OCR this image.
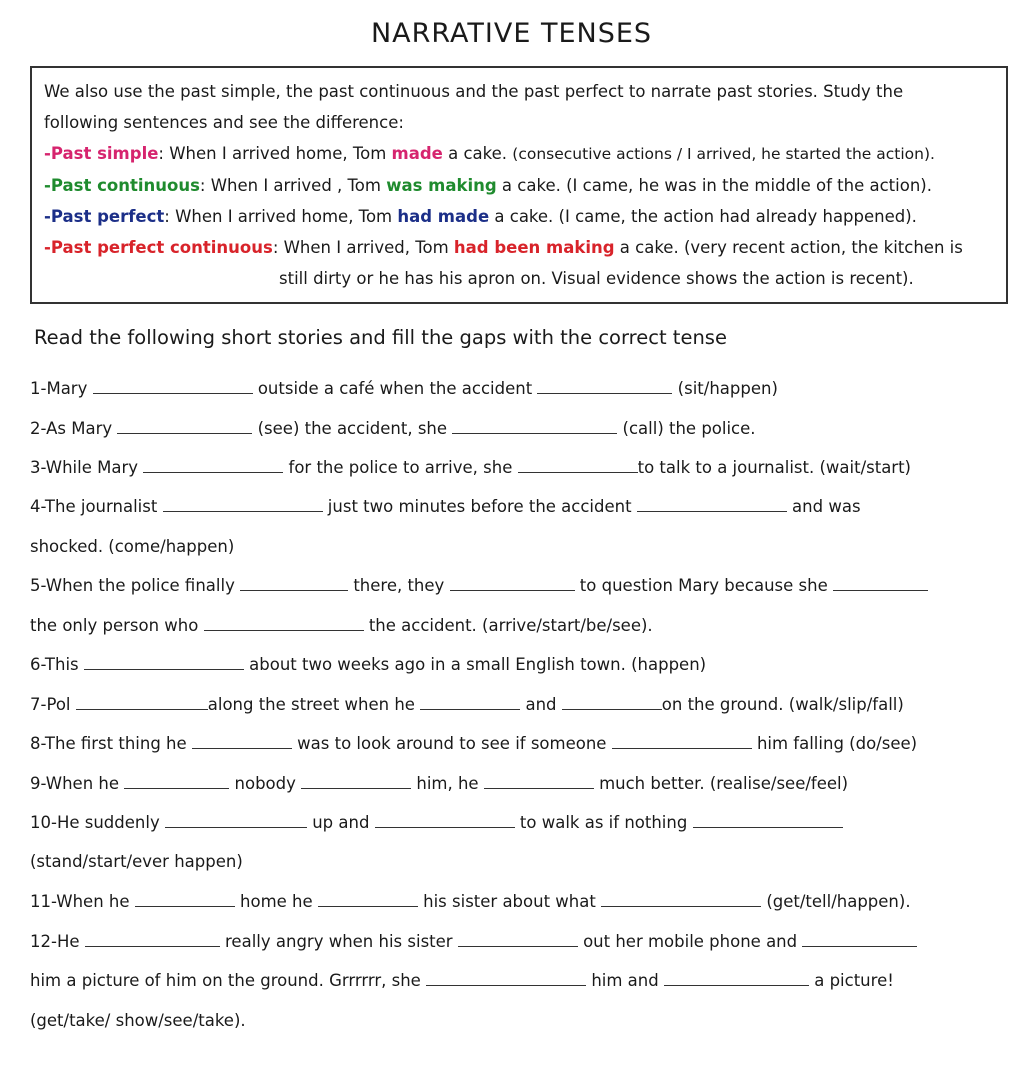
NARRATIVE TENSES

We also use the past simple, the past continuous and the past perfect to narrate past stories. Study the

following sentences and see the difference:

-Past simple: When I arrived home, Tom made a cake. (consecutive actions / I arrived, he started the action).

-Past continuous: When I arrived , Tom was making a cake. (I came, he was in the middle of the action).

-Past perfect: When I arrived home, Tom had made a cake. (I came, the action had already happened).

-Past perfect continuous: When I arrived, Tom had been making a cake. (very recent action, the kitchen is

still dirty or he has his apron on. Visual evidence shows the action is recent).

Read the following short stories and fill the gaps with the correct tense

1-Mary	outside a café when the accident	(sit/happen)

2-As Mary	(see) the accident, she	(call) the police.

3-While Mary	for the police to arrive, she	to talk to a journalist. (wait/start)

4-The journalist	just two minutes before the accident	and was

shocked. (come/happen)

5-When the police finally	there, they	to question Mary because she

the only person who	the accident. (arrive/start/be/see).

6-This	about two weeks ago in a small English town. (happen)

7-Pol	along the street when he	and	on the ground. (walk/slip/fall)

8-The first thing he	was to look around to see if someone	him falling (do/see)

9-When he	nobody	him, he	much better. (realise/see/feel)

10-He suddenly	up and	to walk as if nothing

(stand/start/ever happen)

11-When he	home he	his sister about what	(get/tell/happen).

12-He	really angry when his sister	out her mobile phone and

him a picture of him on the ground. Grrrrrr, she	him and	a picture!

(get/take/ show/see/take).
